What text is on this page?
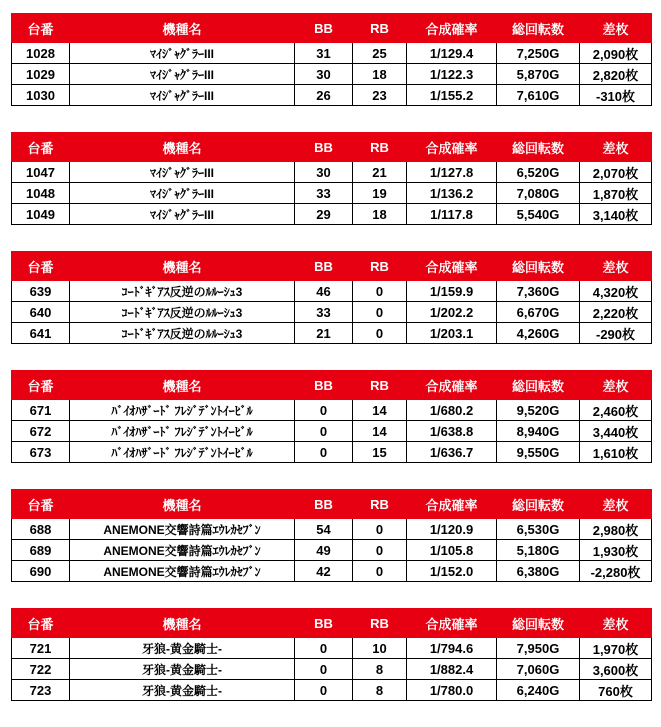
台番	機種名	BB	RB	合成確率	総回転数	差枚
1028	ﾏｲｼﾞｬｸﾞﾗｰIII	31	25	1/129.4	7,250G	2,090枚
1029	ﾏｲｼﾞｬｸﾞﾗｰIII	30	18	1/122.3	5,870G	2,820枚
1030	ﾏｲｼﾞｬｸﾞﾗｰIII	26	23	1/155.2	7,610G	-310枚
台番	機種名	BB	RB	合成確率	総回転数	差枚
1047	ﾏｲｼﾞｬｸﾞﾗｰIII	30	21	1/127.8	6,520G	2,070枚
1048	ﾏｲｼﾞｬｸﾞﾗｰIII	33	19	1/136.2	7,080G	1,870枚
1049	ﾏｲｼﾞｬｸﾞﾗｰIII	29	18	1/117.8	5,540G	3,140枚
台番	機種名	BB	RB	合成確率	総回転数	差枚
639	ｺｰﾄﾞｷﾞｱｽ反逆のﾙﾙｰｼｭ3	46	0	1/159.9	7,360G	4,320枚
640	ｺｰﾄﾞｷﾞｱｽ反逆のﾙﾙｰｼｭ3	33	0	1/202.2	6,670G	2,220枚
641	ｺｰﾄﾞｷﾞｱｽ反逆のﾙﾙｰｼｭ3	21	0	1/203.1	4,260G	-290枚
台番	機種名	BB	RB	合成確率	総回転数	差枚
671	ﾊﾞｲｵﾊｻﾞｰﾄﾞ ﾌﾚｼﾞﾃﾞﾝﾄｲｰﾋﾞﾙ	0	14	1/680.2	9,520G	2,460枚
672	ﾊﾞｲｵﾊｻﾞｰﾄﾞ ﾌﾚｼﾞﾃﾞﾝﾄｲｰﾋﾞﾙ	0	14	1/638.8	8,940G	3,440枚
673	ﾊﾞｲｵﾊｻﾞｰﾄﾞ ﾌﾚｼﾞﾃﾞﾝﾄｲｰﾋﾞﾙ	0	15	1/636.7	9,550G	1,610枚
台番	機種名	BB	RB	合成確率	総回転数	差枚
688	ANEMONE交響詩篇ｴｳﾚｶｾﾌﾞﾝ	54	0	1/120.9	6,530G	2,980枚
689	ANEMONE交響詩篇ｴｳﾚｶｾﾌﾞﾝ	49	0	1/105.8	5,180G	1,930枚
690	ANEMONE交響詩篇ｴｳﾚｶｾﾌﾞﾝ	42	0	1/152.0	6,380G	-2,280枚
台番	機種名	BB	RB	合成確率	総回転数	差枚
721	牙狼-黄金騎士-	0	10	1/794.6	7,950G	1,970枚
722	牙狼-黄金騎士-	0	8	1/882.4	7,060G	3,600枚
723	牙狼-黄金騎士-	0	8	1/780.0	6,240G	760枚
